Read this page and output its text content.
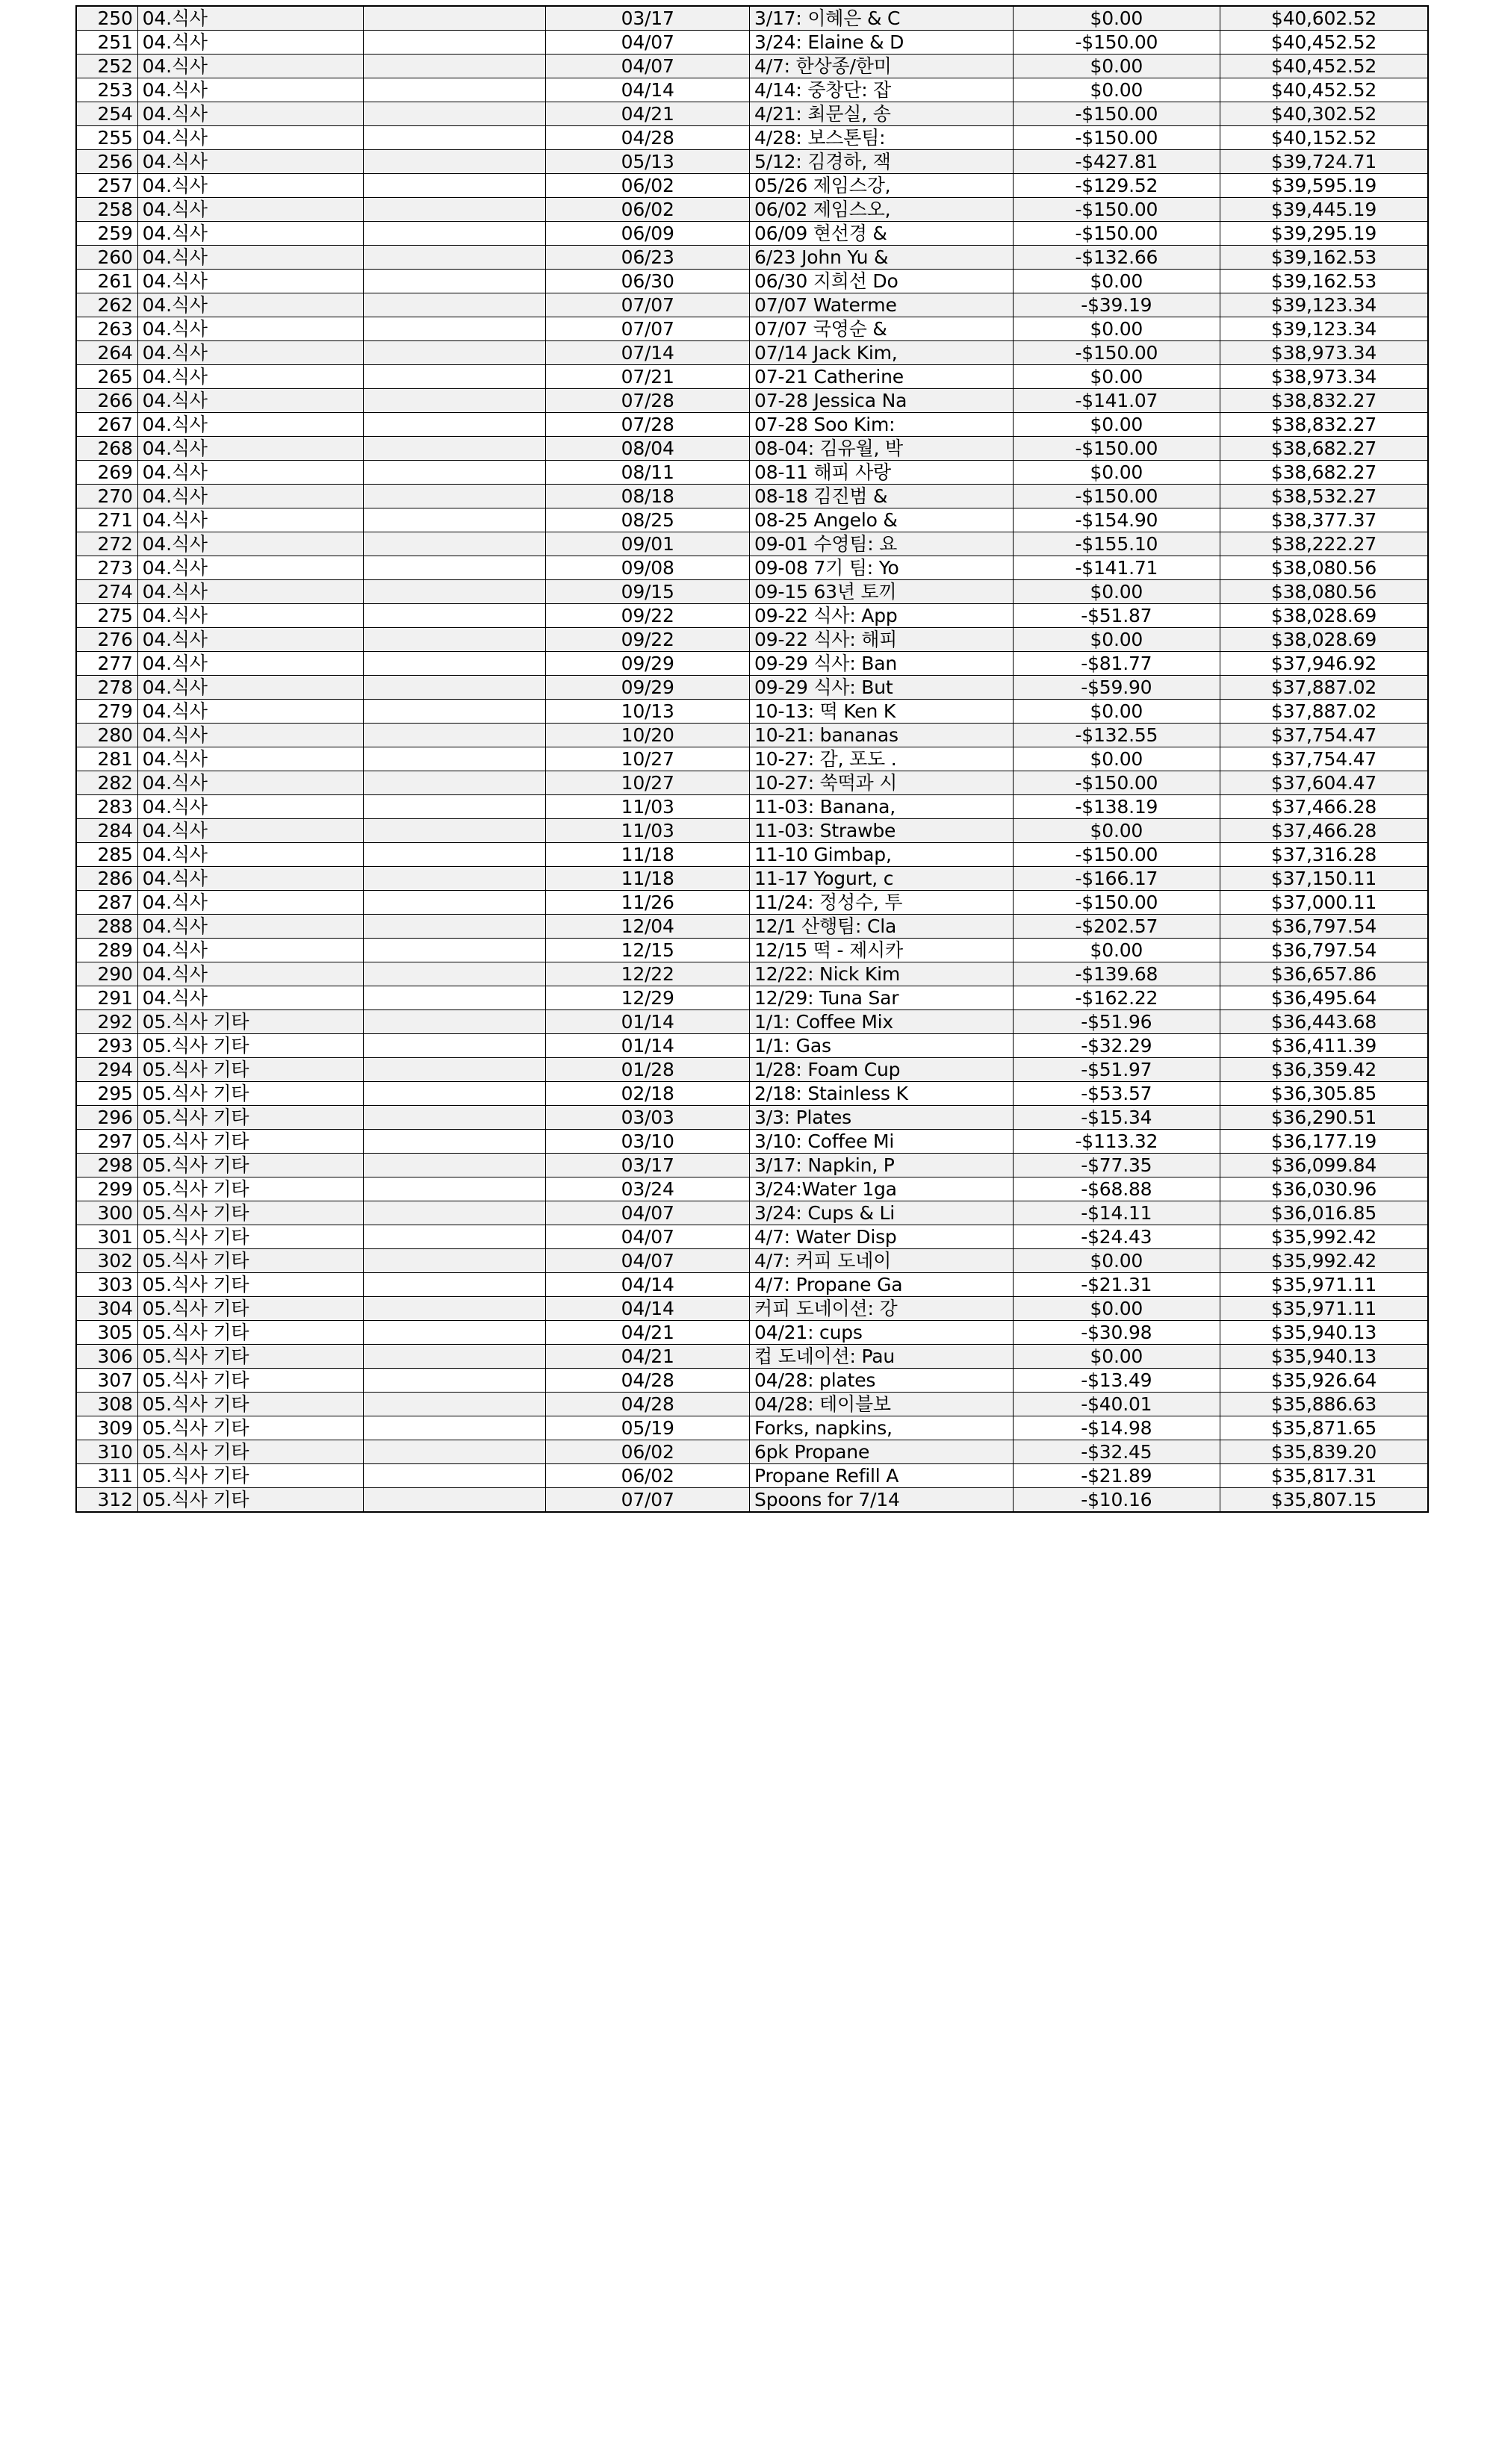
250	04.식사		03/17	3/17: 이혜은 & C	$0.00	$40,602.52
251	04.식사		04/07	3/24: Elaine & D	-$150.00	$40,452.52
252	04.식사		04/07	4/7: 한상종/한미	$0.00	$40,452.52
253	04.식사		04/14	4/14: 중창단: 잡	$0.00	$40,452.52
254	04.식사		04/21	4/21: 최문실, 송	-$150.00	$40,302.52
255	04.식사		04/28	4/28: 보스톤팀:	-$150.00	$40,152.52
256	04.식사		05/13	5/12: 김경하, 잭	-$427.81	$39,724.71
257	04.식사		06/02	05/26 제임스강,	-$129.52	$39,595.19
258	04.식사		06/02	06/02 제임스오,	-$150.00	$39,445.19
259	04.식사		06/09	06/09 현선경 &	-$150.00	$39,295.19
260	04.식사		06/23	6/23 John Yu &	-$132.66	$39,162.53
261	04.식사		06/30	06/30 지희선 Do	$0.00	$39,162.53
262	04.식사		07/07	07/07 Waterme	-$39.19	$39,123.34
263	04.식사		07/07	07/07 국영순 &	$0.00	$39,123.34
264	04.식사		07/14	07/14 Jack Kim,	-$150.00	$38,973.34
265	04.식사		07/21	07-21 Catherine	$0.00	$38,973.34
266	04.식사		07/28	07-28 Jessica Na	-$141.07	$38,832.27
267	04.식사		07/28	07-28 Soo Kim:	$0.00	$38,832.27
268	04.식사		08/04	08-04: 김유월, 박	-$150.00	$38,682.27
269	04.식사		08/11	08-11 해피 사랑	$0.00	$38,682.27
270	04.식사		08/18	08-18 김진범 &	-$150.00	$38,532.27
271	04.식사		08/25	08-25 Angelo &	-$154.90	$38,377.37
272	04.식사		09/01	09-01 수영팀: 요	-$155.10	$38,222.27
273	04.식사		09/08	09-08 7기 팀: Yo	-$141.71	$38,080.56
274	04.식사		09/15	09-15 63년 토끼	$0.00	$38,080.56
275	04.식사		09/22	09-22 식사: App	-$51.87	$38,028.69
276	04.식사		09/22	09-22 식사: 해피	$0.00	$38,028.69
277	04.식사		09/29	09-29 식사: Ban	-$81.77	$37,946.92
278	04.식사		09/29	09-29 식사: But	-$59.90	$37,887.02
279	04.식사		10/13	10-13: 떡 Ken K	$0.00	$37,887.02
280	04.식사		10/20	10-21: bananas	-$132.55	$37,754.47
281	04.식사		10/27	10-27: 감, 포도 .	$0.00	$37,754.47
282	04.식사		10/27	10-27: 쑥떡과 시	-$150.00	$37,604.47
283	04.식사		11/03	11-03: Banana,	-$138.19	$37,466.28
284	04.식사		11/03	11-03: Strawbe	$0.00	$37,466.28
285	04.식사		11/18	11-10 Gimbap,	-$150.00	$37,316.28
286	04.식사		11/18	11-17 Yogurt, c	-$166.17	$37,150.11
287	04.식사		11/26	11/24: 정성수, 투	-$150.00	$37,000.11
288	04.식사		12/04	12/1 산행팀: Cla	-$202.57	$36,797.54
289	04.식사		12/15	12/15 떡 - 제시카	$0.00	$36,797.54
290	04.식사		12/22	12/22: Nick Kim	-$139.68	$36,657.86
291	04.식사		12/29	12/29: Tuna Sar	-$162.22	$36,495.64
292	05.식사 기타		01/14	1/1: Coffee Mix	-$51.96	$36,443.68
293	05.식사 기타		01/14	1/1: Gas	-$32.29	$36,411.39
294	05.식사 기타		01/28	1/28: Foam Cup	-$51.97	$36,359.42
295	05.식사 기타		02/18	2/18: Stainless K	-$53.57	$36,305.85
296	05.식사 기타		03/03	3/3: Plates	-$15.34	$36,290.51
297	05.식사 기타		03/10	3/10: Coffee Mi	-$113.32	$36,177.19
298	05.식사 기타		03/17	3/17: Napkin, P	-$77.35	$36,099.84
299	05.식사 기타		03/24	3/24:Water 1ga	-$68.88	$36,030.96
300	05.식사 기타		04/07	3/24: Cups & Li	-$14.11	$36,016.85
301	05.식사 기타		04/07	4/7: Water Disp	-$24.43	$35,992.42
302	05.식사 기타		04/07	4/7: 커피 도네이	$0.00	$35,992.42
303	05.식사 기타		04/14	4/7: Propane Ga	-$21.31	$35,971.11
304	05.식사 기타		04/14	커피 도네이션: 강	$0.00	$35,971.11
305	05.식사 기타		04/21	04/21: cups	-$30.98	$35,940.13
306	05.식사 기타		04/21	컵 도네이션: Pau	$0.00	$35,940.13
307	05.식사 기타		04/28	04/28: plates	-$13.49	$35,926.64
308	05.식사 기타		04/28	04/28: 테이블보	-$40.01	$35,886.63
309	05.식사 기타		05/19	Forks, napkins,	-$14.98	$35,871.65
310	05.식사 기타		06/02	6pk Propane	-$32.45	$35,839.20
311	05.식사 기타		06/02	Propane Refill A	-$21.89	$35,817.31
312	05.식사 기타		07/07	Spoons for 7/14	-$10.16	$35,807.15
